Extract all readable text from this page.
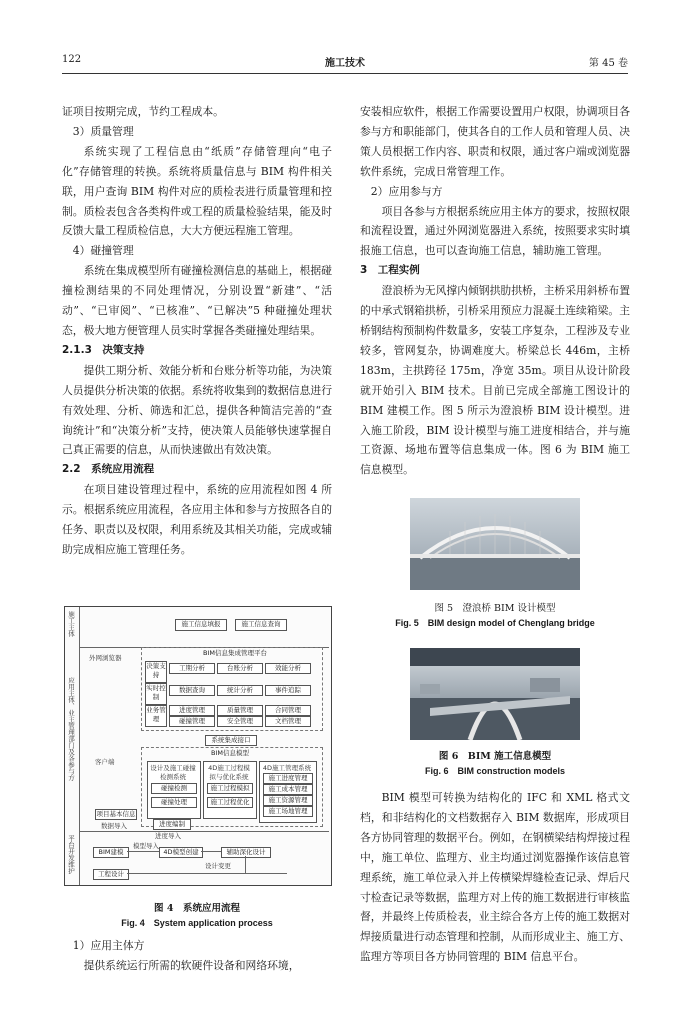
122	施工技术	第 45 卷

证项目按期完成，节约工程成本。

3）质量管理

系统实现了工程信息由“纸质”存储管理向“电子化”存储管理的转换。系统将质量信息与 BIM 构件相关联，用户查询 BIM 构件对应的质检表进行质量管理和控制。质检表包含各类构件或工程的质量检验结果，能及时反馈大量工程质检信息，大大方便远程施工管理。

4）碰撞管理

系统在集成模型所有碰撞检测信息的基础上，根据碰撞检测结果的不同处理情况，分别设置“新建”、“活动”、“已审阅”、“已核准”、“已解决”5 种碰撞处理状态，极大地方便管理人员实时掌握各类碰撞处理结果。

2.1.3　决策支持

提供工期分析、效能分析和台账分析等功能，为决策人员提供分析决策的依据。系统将收集到的数据信息进行有效处理、分析、筛选和汇总，提供各种简洁完善的“查询统计”和“决策分析”支持，使决策人员能够快速掌握自己真正需要的信息，从而快速做出有效决策。

2.2　系统应用流程

在项目建设管理过程中，系统的应用流程如图 4 所示。根据系统应用流程，各应用主体和参与方按照各自的任务、职责以及权限，利用系统及其相关功能，完成或辅助完成相应施工管理任务。

施工主体
应用主体、业主管理部门及各参与方
平台开发维护
施工信息填报	施工信息查询
外网浏览器
客户端
BIM信息集成管理平台
决策支持
实时控制
业务管理
工期分析	台账分析	效能分析
数据查询	统计分析	事件追踪
进度管理	质量管理	合同管理
碰撞管理	安全管理	文档管理
系统集成接口
BIM信息模型
设计及施工碰撞检测系统
碰撞检测
碰撞处理
4D施工过程模拟与优化系统
施工过程模拟
施工过程优化
4D施工管理系统
施工进度管理
施工成本管理
施工资源管理
施工场地管理
项目基本信息
数据导入	进度编制
进度导入
BIM建模
模型导入
4D模型创建	辅助深化设计
设计变更
工程设计
图 4　系统应用流程
Fig. 4　System application process

1）应用主体方

提供系统运行所需的软硬件设备和网络环境，

安装相应软件，根据工作需要设置用户权限，协调项目各参与方和职能部门，使其各自的工作人员和管理人员、决策人员根据工作内容、职责和权限，通过客户端或浏览器软件系统，完成日常管理工作。

2）应用参与方

项目各参与方根据系统应用主体方的要求，按照权限和流程设置，通过外网浏览器进入系统，按照要求实时填报施工信息，也可以查询施工信息，辅助施工管理。

3　工程实例

澄浪桥为无风撑内倾钢拱肋拱桥，主桥采用斜桥布置的中承式钢箱拱桥，引桥采用预应力混凝土连续箱梁。主桥钢结构预制构件数量多，安装工序复杂，工程涉及专业较多，管网复杂，协调难度大。桥梁总长 446m，主桥 183m，主拱跨径 175m，净宽 35m。项目从设计阶段就开始引入 BIM 技术。目前已完成全部施工图设计的 BIM 建模工作。图 5 所示为澄浪桥 BIM 设计模型。进入施工阶段，BIM 设计模型与施工进度相结合，并与施工资源、场地布置等信息集成一体。图 6 为 BIM 施工信息模型。

图 5　澄浪桥 BIM 设计模型
Fig. 5　BIM design model of Chenglang bridge
图 6　BIM 施工信息模型
Fig. 6　BIM construction models

BIM 模型可转换为结构化的 IFC 和 XML 格式文档，和非结构化的文档数据存入 BIM 数据库，形成项目各方协同管理的数据平台。例如，在钢横梁结构焊接过程中，施工单位、监理方、业主均通过浏览器操作该信息管理系统，施工单位录入并上传横梁焊缝检查记录、焊后尺寸检查记录等数据，监理方对上传的施工数据进行审核监督，并最终上传质检表，业主综合各方上传的施工数据对焊接质量进行动态管理和控制，从而形成业主、施工方、监理方等项目各方协同管理的 BIM 信息平台。
